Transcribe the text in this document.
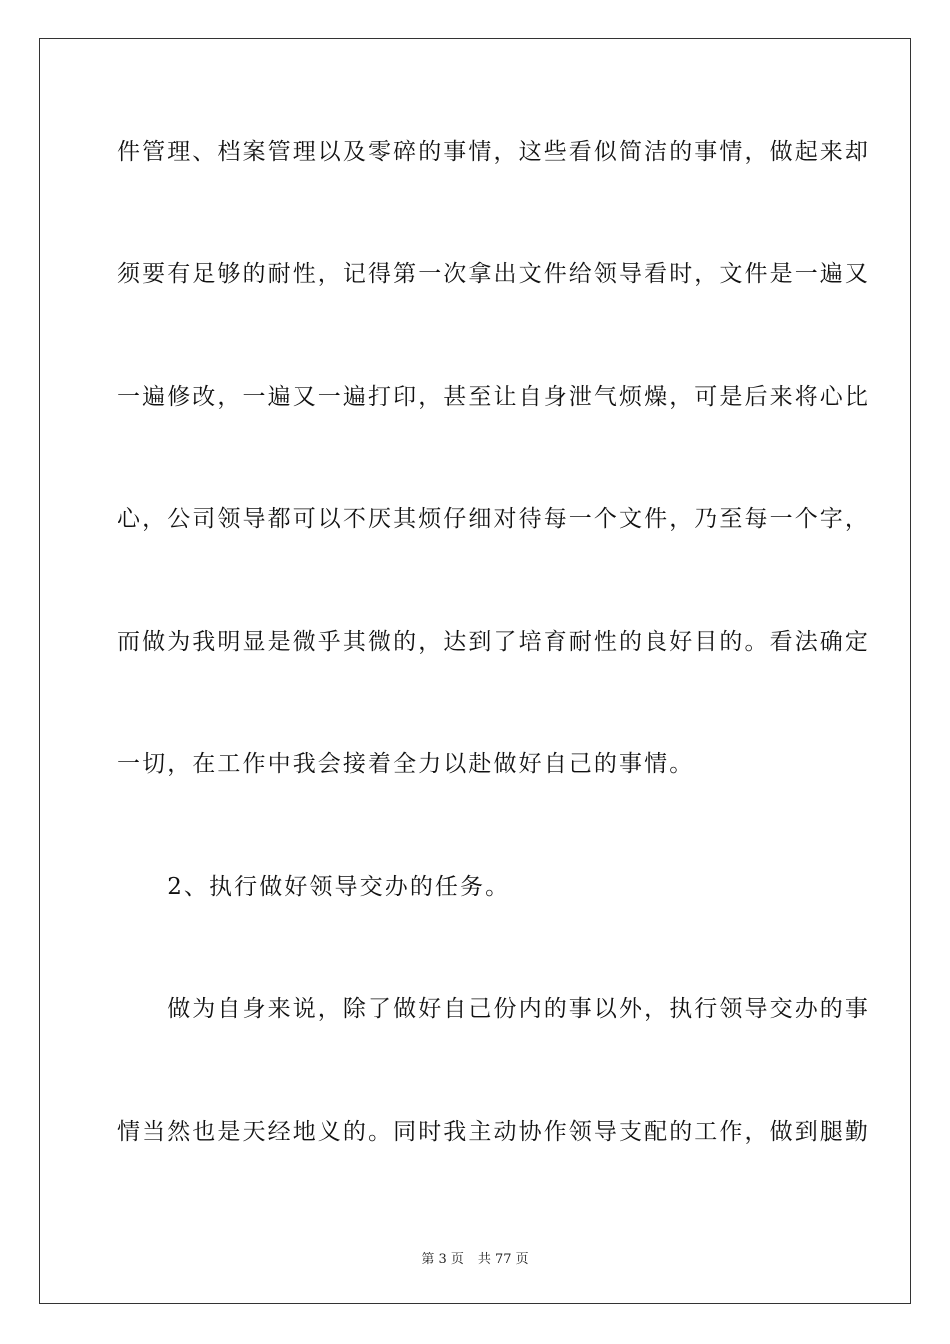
件管理、档案管理以及零碎的事情，这些看似简洁的事情，做起来却
须要有足够的耐性，记得第一次拿出文件给领导看时，文件是一遍又
一遍修改，一遍又一遍打印，甚至让自身泄气烦燥，可是后来将心比
心，公司领导都可以不厌其烦仔细对待每一个文件，乃至每一个字，
而做为我明显是微乎其微的，达到了培育耐性的良好目的。看法确定
一切，在工作中我会接着全力以赴做好自己的事情。
　　2、执行做好领导交办的任务。
　　做为自身来说，除了做好自己份内的事以外，执行领导交办的事
情当然也是天经地义的。同时我主动协作领导支配的工作，做到腿勤
第 3 页 共 77 页
